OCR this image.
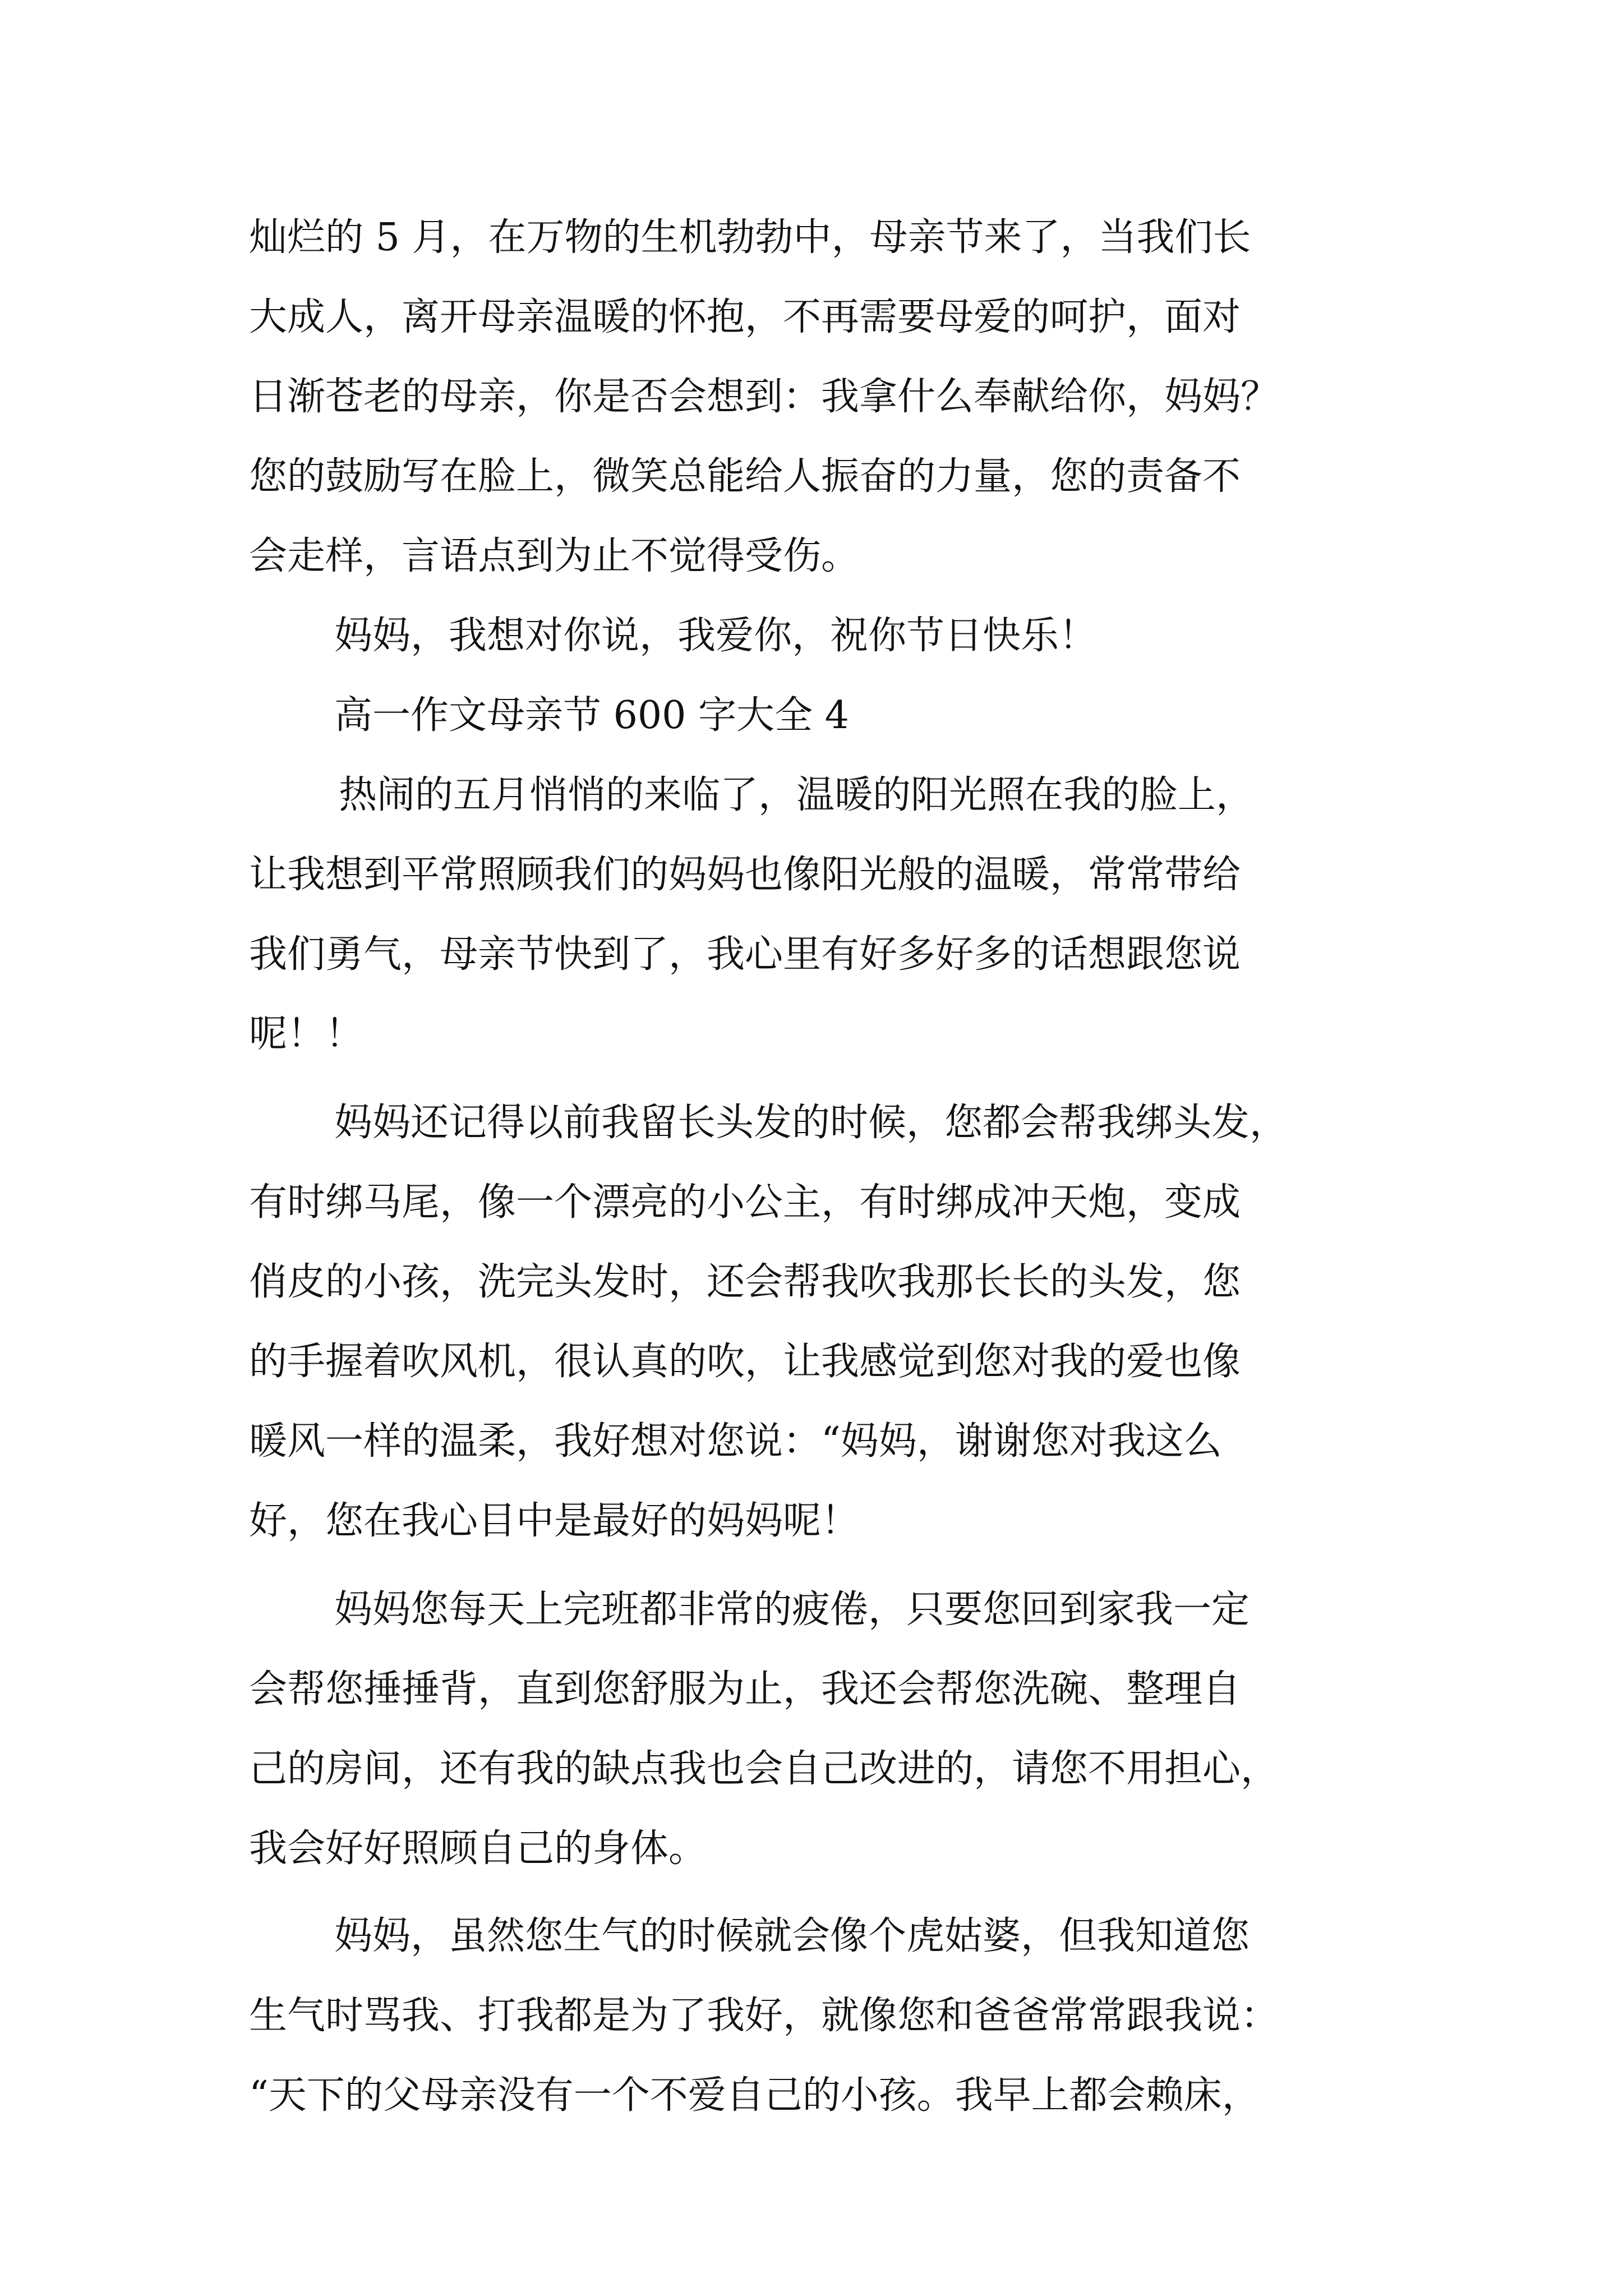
灿烂的 5 月，在万物的生机勃勃中，母亲节来了，当我们长
大成人，离开母亲温暖的怀抱，不再需要母爱的呵护，面对
日渐苍老的母亲，你是否会想到：我拿什么奉献给你，妈妈？
您的鼓励写在脸上，微笑总能给人振奋的力量，您的责备不
会走样，言语点到为止不觉得受伤。
妈妈，我想对你说，我爱你，祝你节日快乐！
高一作文母亲节 600 字大全 4
热闹的五月悄悄的来临了，温暖的阳光照在我的脸上，
让我想到平常照顾我们的妈妈也像阳光般的温暖，常常带给
我们勇气，母亲节快到了，我心里有好多好多的话想跟您说
呢！！
妈妈还记得以前我留长头发的时候，您都会帮我绑头发，
有时绑马尾，像一个漂亮的小公主，有时绑成冲天炮，变成
俏皮的小孩，洗完头发时，还会帮我吹我那长长的头发，您
的手握着吹风机，很认真的吹，让我感觉到您对我的爱也像
暖风一样的温柔，我好想对您说：“妈妈，谢谢您对我这么
好，您在我心目中是最好的妈妈呢！
妈妈您每天上完班都非常的疲倦，只要您回到家我一定
会帮您捶捶背，直到您舒服为止，我还会帮您洗碗、整理自
己的房间，还有我的缺点我也会自己改进的，请您不用担心，
我会好好照顾自己的身体。
妈妈，虽然您生气的时候就会像个虎姑婆，但我知道您
生气时骂我、打我都是为了我好，就像您和爸爸常常跟我说：
“天下的父母亲没有一个不爱自己的小孩。我早上都会赖床，
